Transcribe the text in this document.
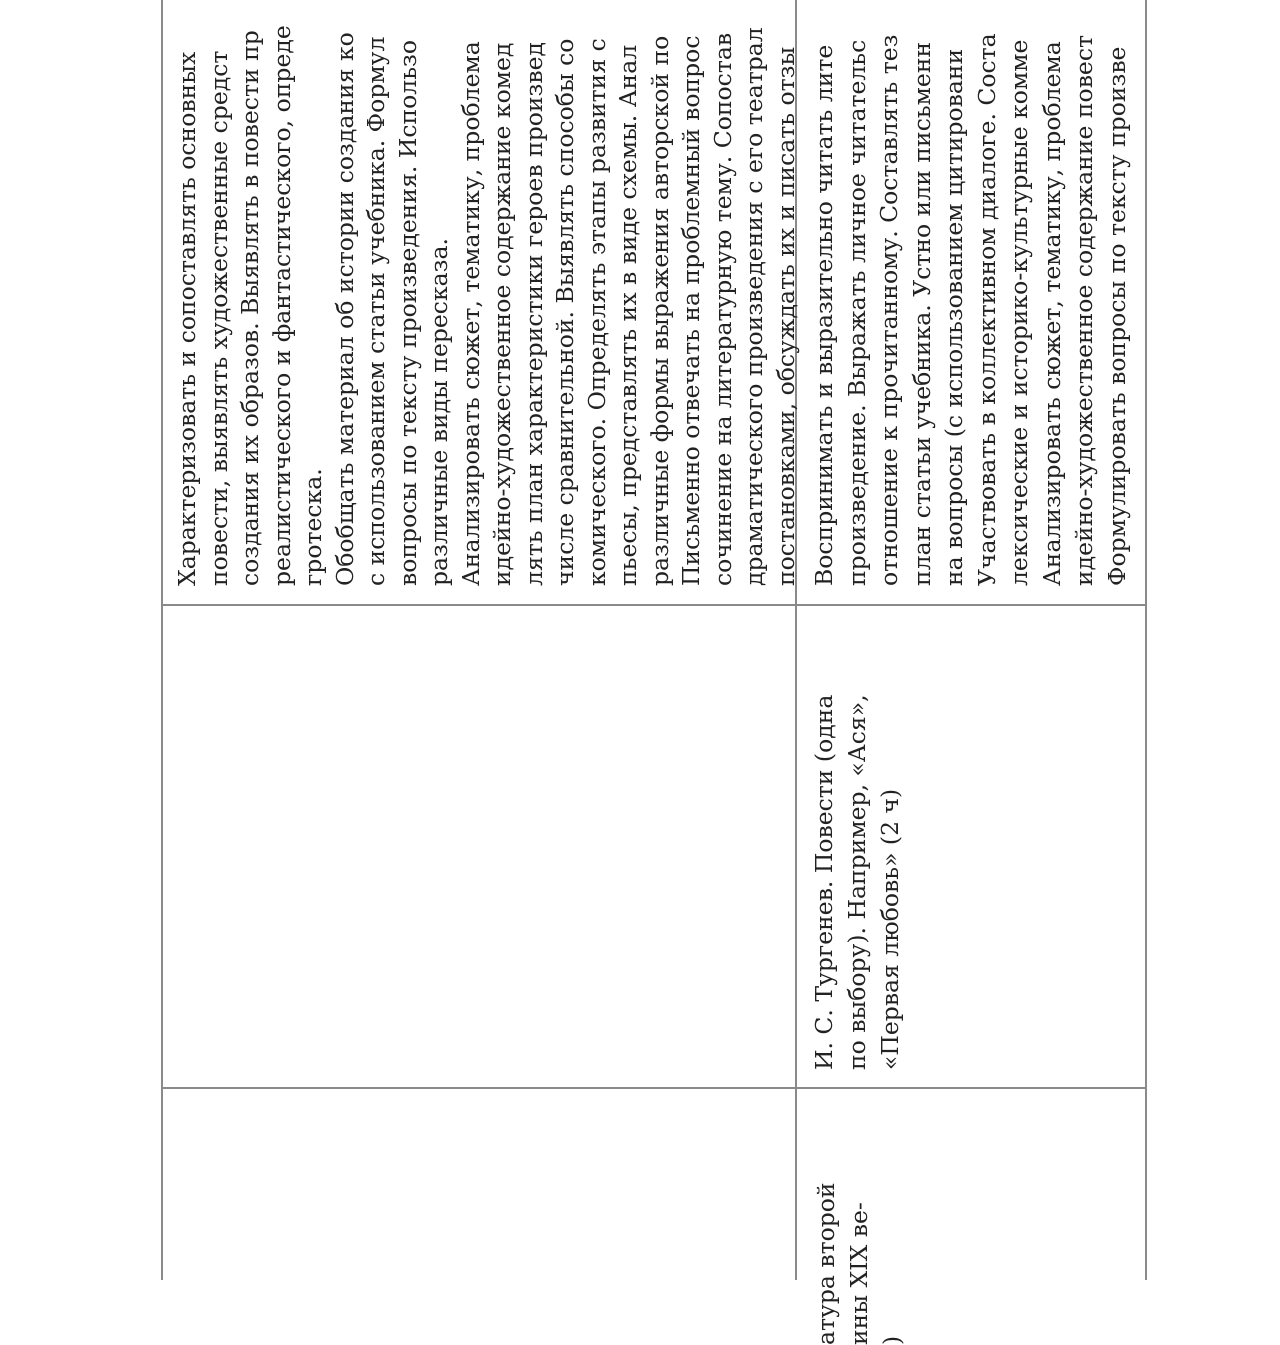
Характеризовать и сопоставлять основных повести, выявлять художественные средст создания их образов. Выявлять в повести пр реалистического и фантастического, опреде гротеска. Обобщать материал об истории создания ко с использованием статьи учебника. Формул вопросы по тексту произведения. Использо различные виды пересказа. Анализировать сюжет, тематику, проблема идейно-художественное содержание комед лять план характеристики героев произвед числе сравнительной. Выявлять способы со комического. Определять этапы развития с пьесы, представлять их в виде схемы. Анал различные формы выражения авторской по Письменно отвечать на проблемный вопрос сочинение на литературную тему. Сопостав драматического произведения с его театрал постановками, обсуждать их и писать отзы

атура второй ины XIX ве- )

И. С. Тургенев. Повести (одна по выбору). Например, «Ася», «Первая любовь» (2 ч)

Воспринимать и выразительно читать лите произведение. Выражать личное читательс отношение к прочитанному. Составлять тез план статьи учебника. Устно или письменн на вопросы (с использованием цитировани Участвовать в коллективном диалоге. Соста лексические и историко-культурные комме Анализировать сюжет, тематику, проблема идейно-художественное содержание повест Формулировать вопросы по тексту произве
